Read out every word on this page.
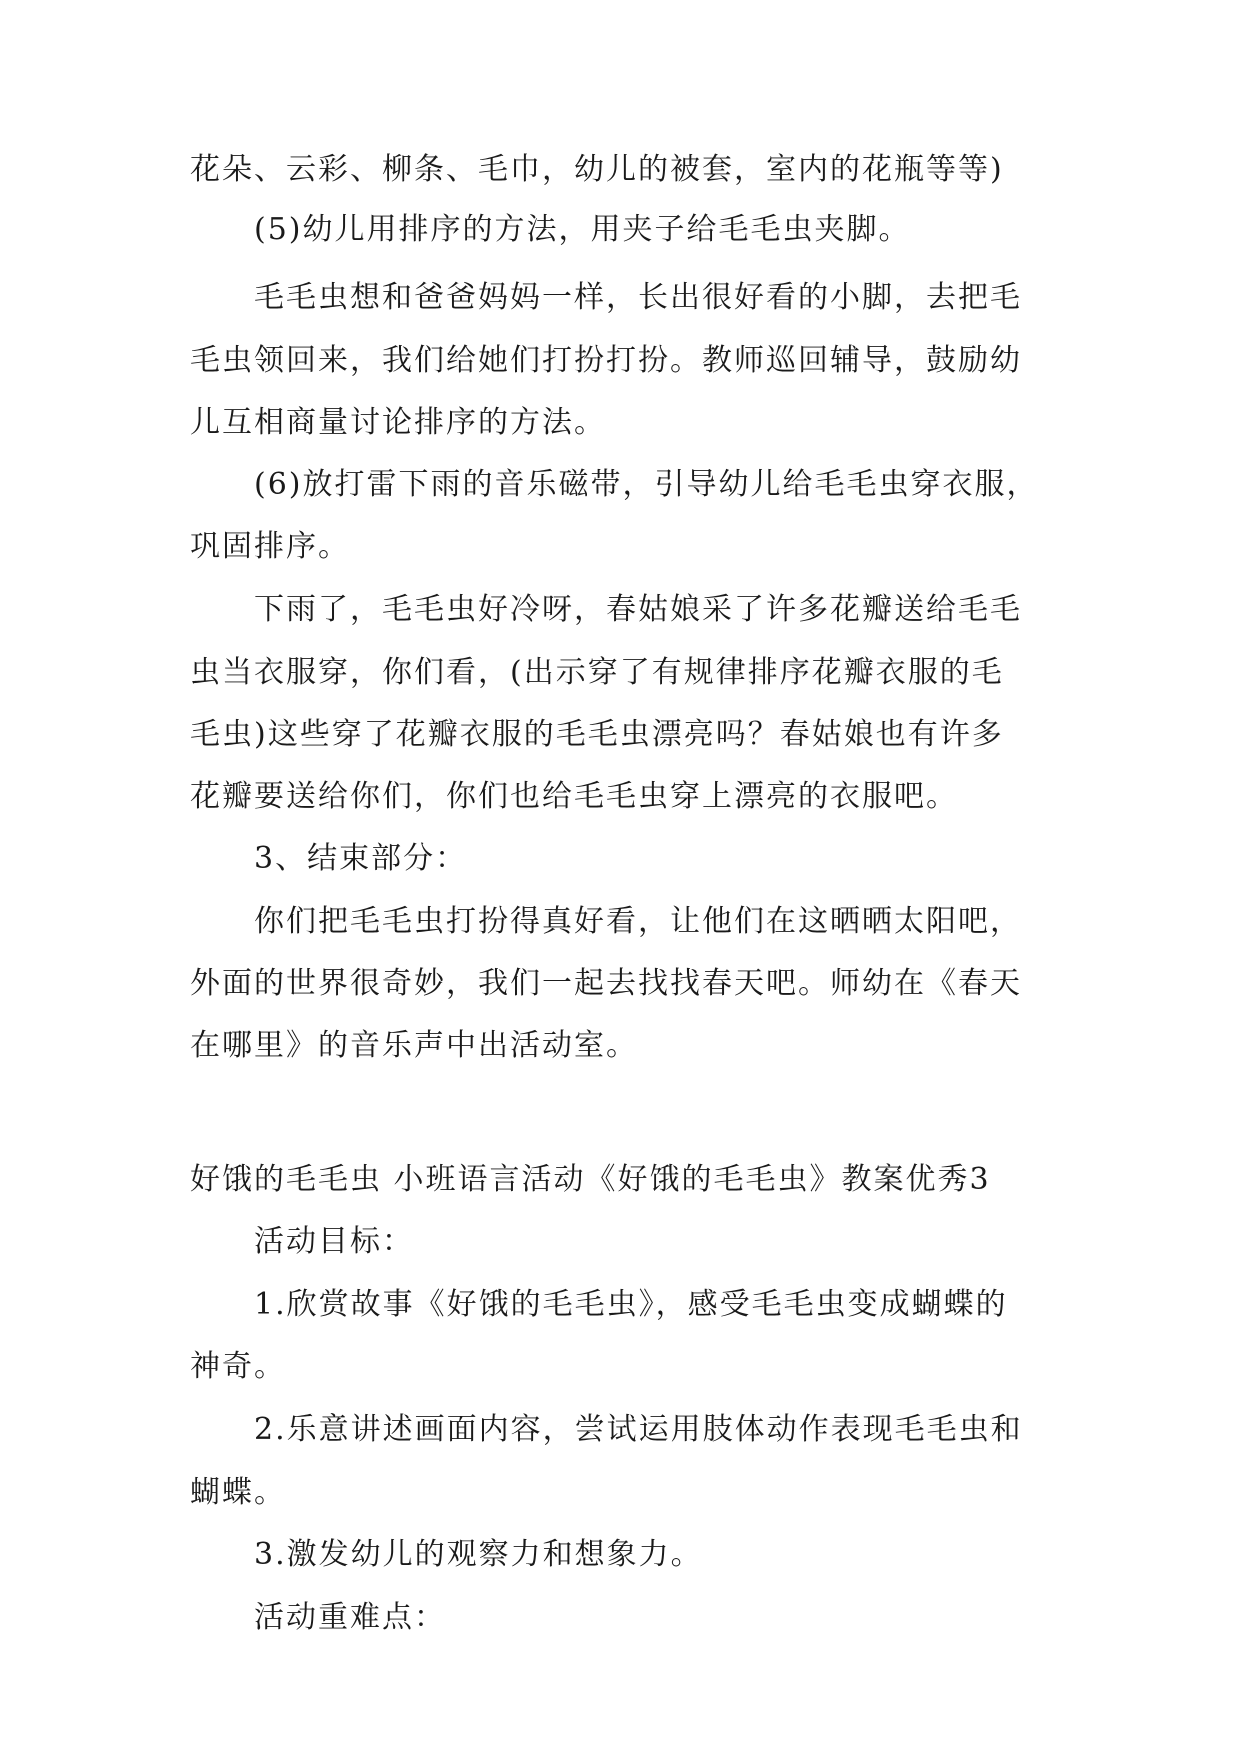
花朵、云彩、柳条、毛巾，幼儿的被套，室内的花瓶等等)
(5)幼儿用排序的方法，用夹子给毛毛虫夹脚。
毛毛虫想和爸爸妈妈一样，长出很好看的小脚，去把毛
毛虫领回来，我们给她们打扮打扮。教师巡回辅导，鼓励幼
儿互相商量讨论排序的方法。
(6)放打雷下雨的音乐磁带，引导幼儿给毛毛虫穿衣服，
巩固排序。
下雨了，毛毛虫好冷呀，春姑娘采了许多花瓣送给毛毛
虫当衣服穿，你们看，(出示穿了有规律排序花瓣衣服的毛
毛虫)这些穿了花瓣衣服的毛毛虫漂亮吗？春姑娘也有许多
花瓣要送给你们，你们也给毛毛虫穿上漂亮的衣服吧。
3、结束部分：
你们把毛毛虫打扮得真好看，让他们在这晒晒太阳吧，
外面的世界很奇妙，我们一起去找找春天吧。师幼在《春天
在哪里》的音乐声中出活动室。
好饿的毛毛虫 小班语言活动《好饿的毛毛虫》教案优秀3
活动目标：
1.欣赏故事《好饿的毛毛虫》，感受毛毛虫变成蝴蝶的
神奇。
2.乐意讲述画面内容，尝试运用肢体动作表现毛毛虫和
蝴蝶。
3.激发幼儿的观察力和想象力。
活动重难点：
